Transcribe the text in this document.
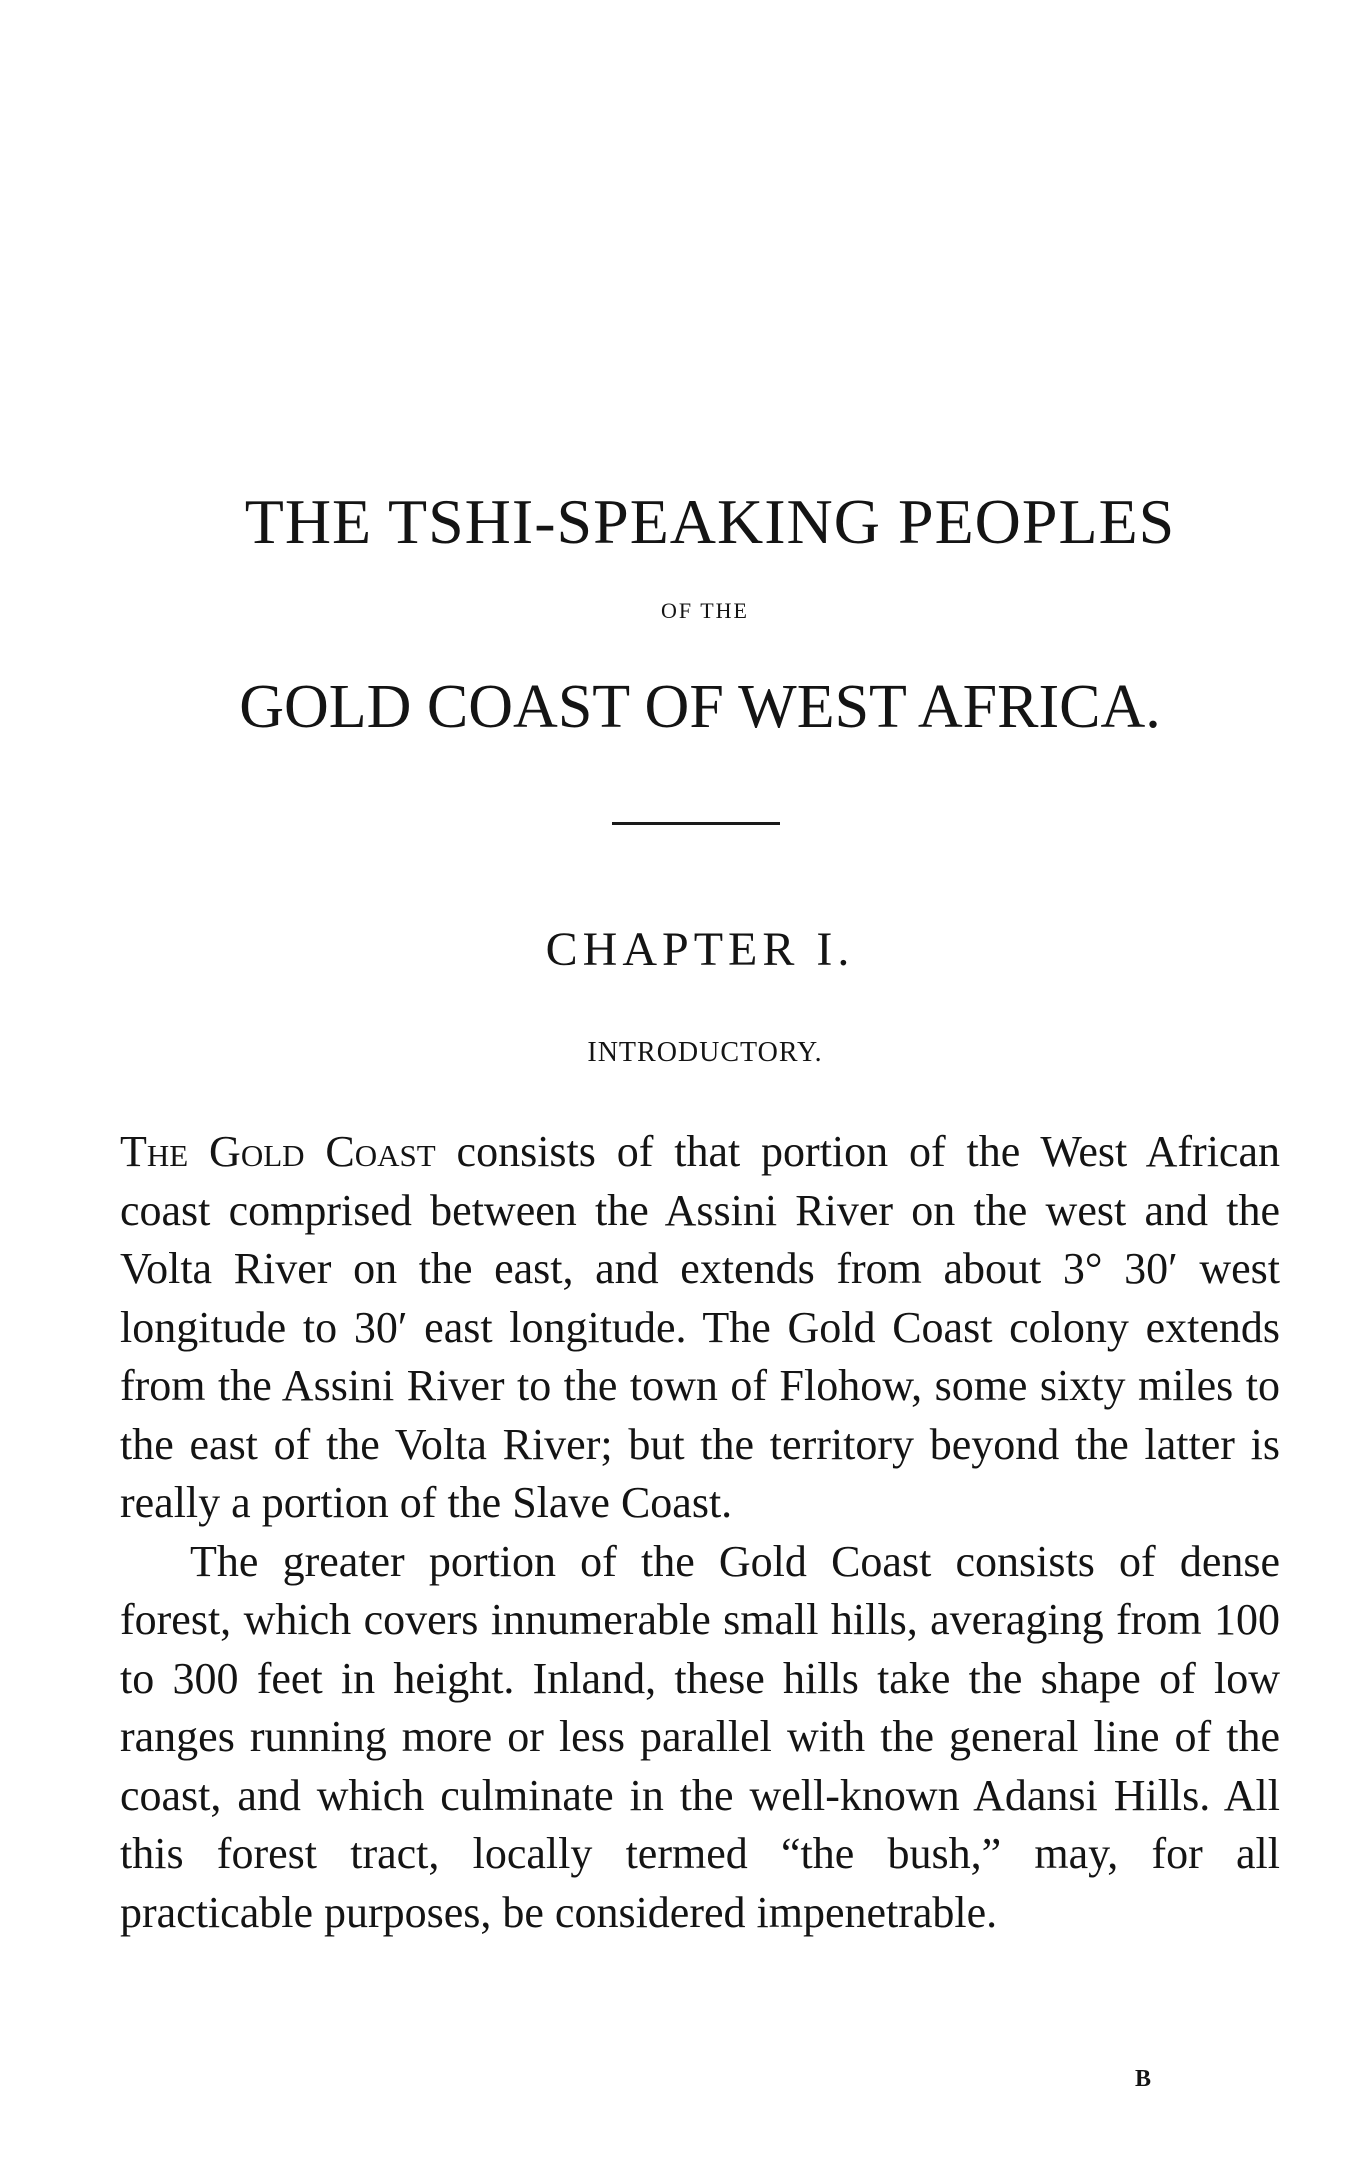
THE TSHI-SPEAKING PEOPLES
OF THE
GOLD COAST OF WEST AFRICA.
CHAPTER I.
INTRODUCTORY.

The Gold Coast consists of that portion of the West African coast comprised between the Assini River on the west and the Volta River on the east, and extends from about 3° 30′ west longitude to 30′ east longitude. The Gold Coast colony extends from the Assini River to the town of Flohow, some sixty miles to the east of the Volta River; but the territory beyond the latter is really a portion of the Slave Coast.

The greater portion of the Gold Coast consists of dense forest, which covers innumerable small hills, averaging from 100 to 300 feet in height. Inland, these hills take the shape of low ranges running more or less parallel with the general line of the coast, and which culminate in the well-known Adansi Hills. All this forest tract, locally termed “the bush,” may, for all practicable purposes, be considered impenetrable.

B
